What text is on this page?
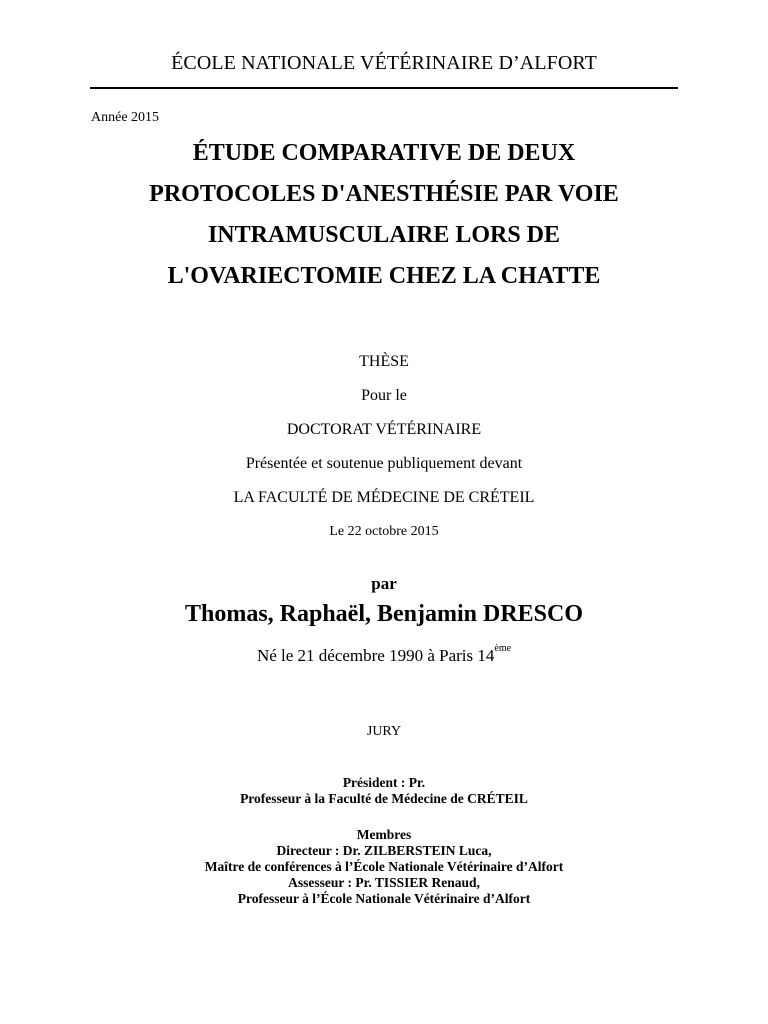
ÉCOLE NATIONALE VÉTÉRINAIRE D’ALFORT
Année 2015
ÉTUDE COMPARATIVE DE DEUX
PROTOCOLES D'ANESTHÉSIE PAR VOIE
INTRAMUSCULAIRE LORS DE
L'OVARIECTOMIE CHEZ LA CHATTE
THÈSE
Pour le
DOCTORAT VÉTÉRINAIRE
Présentée et soutenue publiquement devant
LA FACULTÉ DE MÉDECINE DE CRÉTEIL
Le 22 octobre 2015
par
Thomas, Raphaël, Benjamin DRESCO
Né le 21 décembre 1990 à Paris 14ème
JURY
Président : Pr.
Professeur à la Faculté de Médecine de CRÉTEIL
Membres
Directeur : Dr. ZILBERSTEIN Luca,
Maître de conférences à l’École Nationale Vétérinaire d’Alfort
Assesseur : Pr. TISSIER Renaud,
Professeur à l’École Nationale Vétérinaire d’Alfort
